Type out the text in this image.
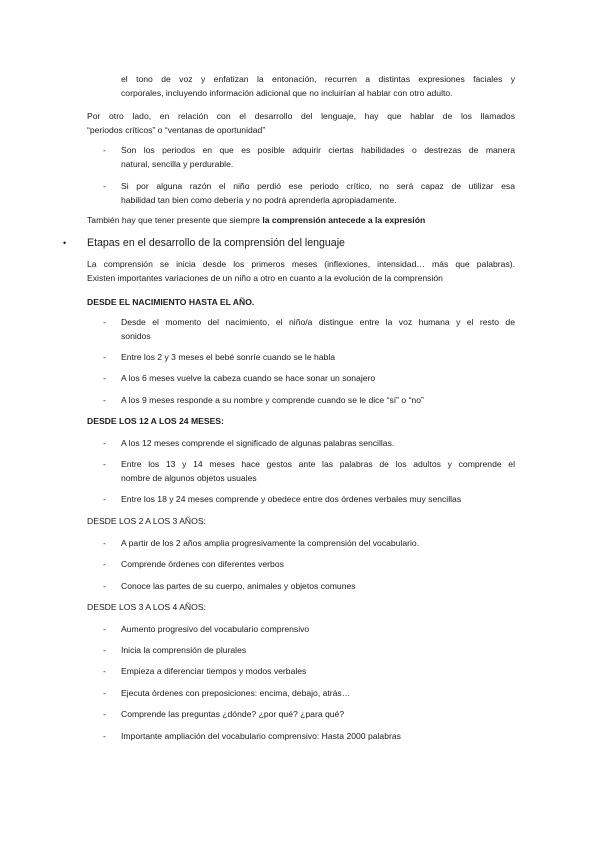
el tono de voz y enfatizan la entonación, recurren a distintas expresiones faciales y
corporales, incluyendo información adicional que no incluirían al hablar con otro adulto.
Por otro lado, en relación con el desarrollo del lenguaje, hay que hablar de los llamados
“periodos críticos” o “ventanas de oportunidad”
- Son los periodos en que es posible adquirir ciertas habilidades o destrezas de manera
natural, sencilla y perdurable.
- Si por alguna razón el niño perdió ese periodo crítico, no será capaz de utilizar esa
habilidad tan bien como debería y no podrá aprenderla apropiadamente.
También hay que tener presente que siempre la comprensión antecede a la expresión
• Etapas en el desarrollo de la comprensión del lenguaje
La comprensión se inicia desde los primeros meses (inflexiones, intensidad… más que palabras).
Existen importantes variaciones de un niño a otro en cuanto a la evolución de la comprensión
DESDE EL NACIMIENTO HASTA EL AÑO.
- Desde el momento del nacimiento, el niño/a distingue entre la voz humana y el resto de
sonidos
- Entre los 2 y 3 meses el bebé sonríe cuando se le habla
- A los 6 meses vuelve la cabeza cuando se hace sonar un sonajero
- A los 9 meses responde a su nombre y comprende cuando se le dice “sí” o “no”
DESDE LOS 12 A LOS 24 MESES:
- A los 12 meses comprende el significado de algunas palabras sencillas.
- Entre los 13 y 14 meses hace gestos ante las palabras de los adultos y comprende el
nombre de algunos objetos usuales
- Entre los 18 y 24 meses comprende y obedece entre dos órdenes verbales muy sencillas
DESDE LOS 2 A LOS 3 AÑOS:
- A partir de los 2 años amplia progresivamente la comprensión del vocabulario.
- Comprende órdenes con diferentes verbos
- Conoce las partes de su cuerpo, animales y objetos comunes
DESDE LOS 3 A LOS 4 AÑOS:
- Aumento progresivo del vocabulario comprensivo
- Inicia la comprensión de plurales
- Empieza a diferenciar tiempos y modos verbales
- Ejecuta órdenes con preposiciones: encima, debajo, atrás…
- Comprende las preguntas ¿dónde? ¿por qué? ¿para qué?
- Importante ampliación del vocabulario comprensivo: Hasta 2000 palabras
